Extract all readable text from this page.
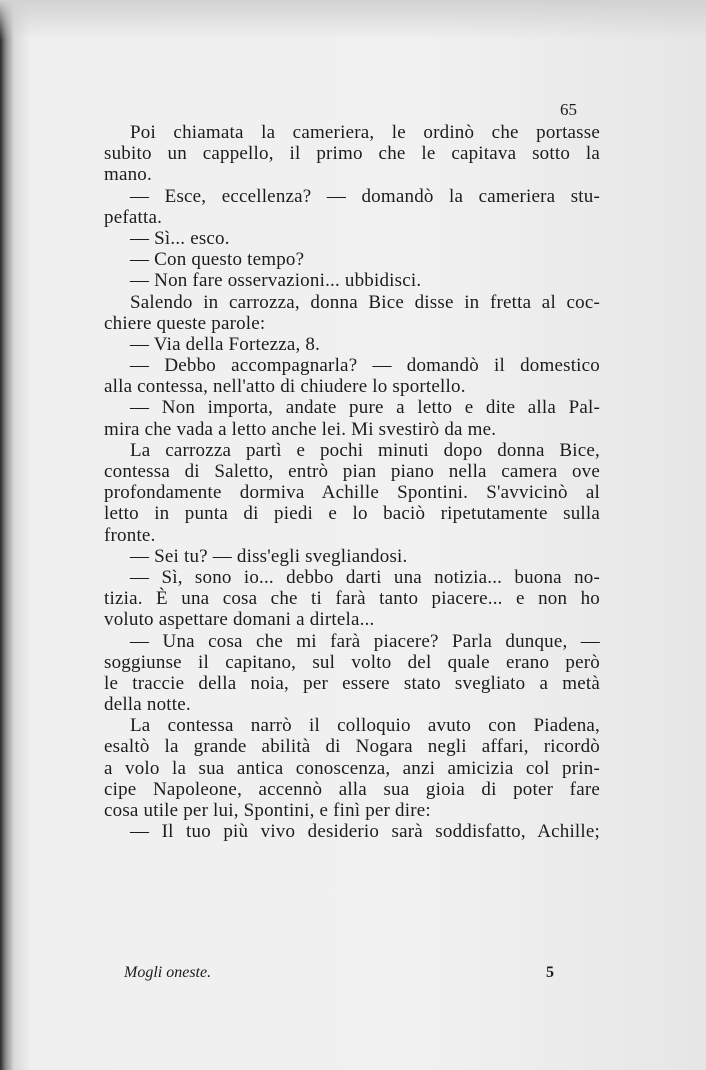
65
Poi chiamata la cameriera, le ordinò che portasse
subito un cappello, il primo che le capitava sotto la
mano.
— Esce, eccellenza? — domandò la cameriera stu-
pefatta.
— Sì... esco.
— Con questo tempo?
— Non fare osservazioni... ubbidisci.
Salendo in carrozza, donna Bice disse in fretta al coc-
chiere queste parole:
— Via della Fortezza, 8.
— Debbo accompagnarla? — domandò il domestico
alla contessa, nell'atto di chiudere lo sportello.
— Non importa, andate pure a letto e dite alla Pal-
mira che vada a letto anche lei. Mi svestirò da me.
La carrozza partì e pochi minuti dopo donna Bice,
contessa di Saletto, entrò pian piano nella camera ove
profondamente dormiva Achille Spontini. S'avvicinò al
letto in punta di piedi e lo baciò ripetutamente sulla
fronte.
— Sei tu? — diss'egli svegliandosi.
— Sì, sono io... debbo darti una notizia... buona no-
tizia. È una cosa che ti farà tanto piacere... e non ho
voluto aspettare domani a dirtela...
— Una cosa che mi farà piacere? Parla dunque, —
soggiunse il capitano, sul volto del quale erano però
le traccie della noia, per essere stato svegliato a metà
della notte.
La contessa narrò il colloquio avuto con Piadena,
esaltò la grande abilità di Nogara negli affari, ricordò
a volo la sua antica conoscenza, anzi amicizia col prin-
cipe Napoleone, accennò alla sua gioia di poter fare
cosa utile per lui, Spontini, e finì per dire:
— Il tuo più vivo desiderio sarà soddisfatto, Achille;
Mogli oneste.	5
